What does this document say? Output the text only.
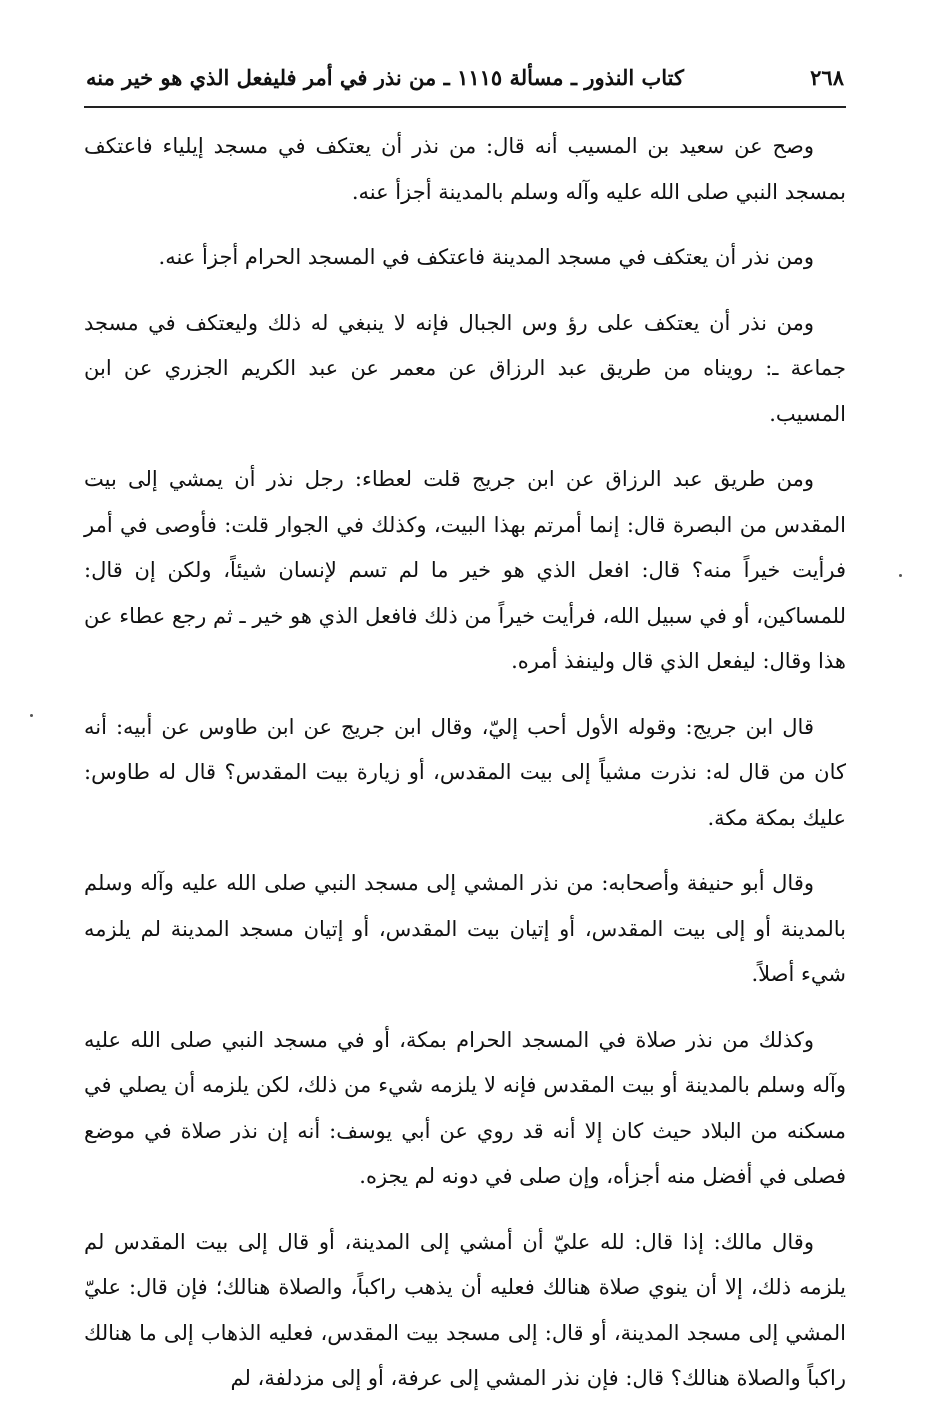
٢٦٨
كتاب النذور ـ مسألة ١١١٥ ـ من نذر في أمر فليفعل الذي هو خير منه

وصح عن سعيد بن المسيب أنه قال: من نذر أن يعتكف في مسجد إيلياء فاعتكف بمسجد النبي صلى الله عليه وآله وسلم بالمدينة أجزأ عنه.

ومن نذر أن يعتكف في مسجد المدينة فاعتكف في المسجد الحرام أجزأ عنه.

ومن نذر أن يعتكف على رؤ وس الجبال فإنه لا ينبغي له ذلك وليعتكف في مسجد جماعة ـ: رويناه من طريق عبد الرزاق عن معمر عن عبد الكريم الجزري عن ابن المسيب.

ومن طريق عبد الرزاق عن ابن جريج قلت لعطاء: رجل نذر أن يمشي إلى بيت المقدس من البصرة قال: إنما أمرتم بهذا البيت، وكذلك في الجوار قلت: فأوصى في أمر فرأيت خيراً منه؟ قال: افعل الذي هو خير ما لم تسم لإنسان شيئاً، ولكن إن قال: للمساكين، أو في سبيل الله، فرأيت خيراً من ذلك فافعل الذي هو خير ـ ثم رجع عطاء عن هذا وقال: ليفعل الذي قال ولينفذ أمره.

قال ابن جريج: وقوله الأول أحب إليّ، وقال ابن جريج عن ابن طاوس عن أبيه: أنه كان من قال له: نذرت مشياً إلى بيت المقدس، أو زيارة بيت المقدس؟ قال له طاوس: عليك بمكة مكة.

وقال أبو حنيفة وأصحابه: من نذر المشي إلى مسجد النبي صلى الله عليه وآله وسلم بالمدينة أو إلى بيت المقدس، أو إتيان بيت المقدس، أو إتيان مسجد المدينة لم يلزمه شيء أصلاً.

وكذلك من نذر صلاة في المسجد الحرام بمكة، أو في مسجد النبي صلى الله عليه وآله وسلم بالمدينة أو بيت المقدس فإنه لا يلزمه شيء من ذلك، لكن يلزمه أن يصلي في مسكنه من البلاد حيث كان إلا أنه قد روي عن أبي يوسف: أنه إن نذر صلاة في موضع فصلى في أفضل منه أجزأه، وإن صلى في دونه لم يجزه.

وقال مالك: إذا قال: لله عليّ أن أمشي إلى المدينة، أو قال إلى بيت المقدس لم يلزمه ذلك، إلا أن ينوي صلاة هنالك فعليه أن يذهب راكباً، والصلاة هنالك؛ فإن قال: عليّ المشي إلى مسجد المدينة، أو قال: إلى مسجد بيت المقدس، فعليه الذهاب إلى ما هنالك راكباً والصلاة هنالك؟ قال: فإن نذر المشي إلى عرفة، أو إلى مزدلفة، لم
